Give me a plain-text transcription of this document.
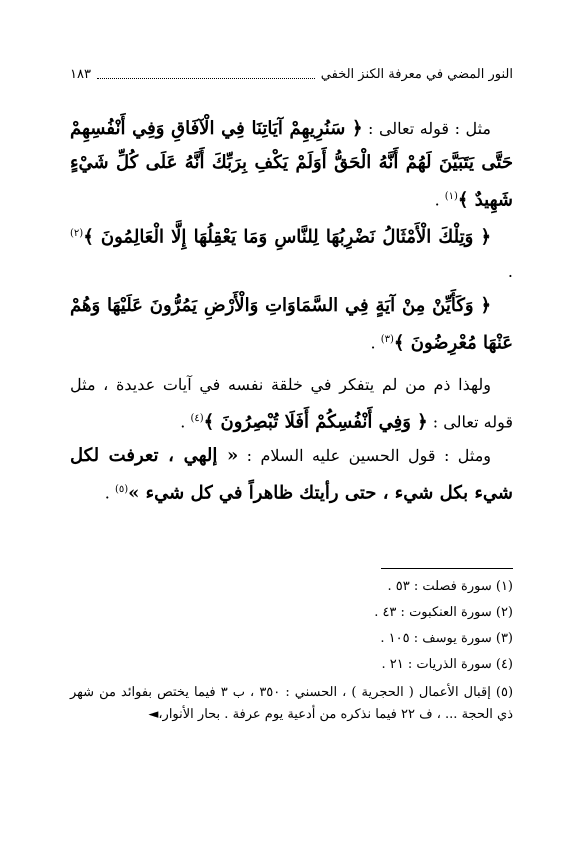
النور المضي في معرفة الكنز الخفي
١٨٣

مثل : قوله تعالى : ﴿ سَنُرِيهِمْ آيَاتِنَا فِي الْآفَاقِ وَفِي أَنْفُسِهِمْ حَتَّى يَتَبَيَّنَ لَهُمْ أَنَّهُ الْحَقُّ أَوَلَمْ يَكْفِ بِرَبِّكَ أَنَّهُ عَلَى كُلِّ شَيْءٍ شَهِيدٌ ﴾$^{(١)}$ .

﴿ وَتِلْكَ الْأَمْثَالُ نَضْرِبُهَا لِلنَّاسِ وَمَا يَعْقِلُهَا إِلَّا الْعَالِمُونَ ﴾$^{(٢)}$ .

﴿ وَكَأَيِّنْ مِنْ آيَةٍ فِي السَّمَاوَاتِ وَالْأَرْضِ يَمُرُّونَ عَلَيْهَا وَهُمْ عَنْهَا مُعْرِضُونَ ﴾$^{(٣)}$ .

ولهذا ذم من لم يتفكر في خلقة نفسه في آيات عديدة ، مثل قوله تعالى : ﴿ وَفِي أَنْفُسِكُمْ أَفَلَا تُبْصِرُونَ ﴾$^{(٤)}$ .

ومثل : قول الحسين عليه السلام : « إلهي ، تعرفت لكل شيء بكل شيء ، حتى رأيتك ظاهراً في كل شيء »$^{(٥)}$ .

(١) سورة فصلت : ٥٣ .
(٢) سورة العنكبوت : ٤٣ .
(٣) سورة يوسف : ١٠٥ .
(٤) سورة الذريات : ٢١ .
(٥) إقبال الأعمال ( الحجرية ) ، الحسني : ٣٥٠ ، ب ٣ فيما يختص بفوائد من شهر ذي الحجة ... ، ف ٢٢ فيما نذكره من أدعية يوم عرفة . بحار الأنوار،◄
